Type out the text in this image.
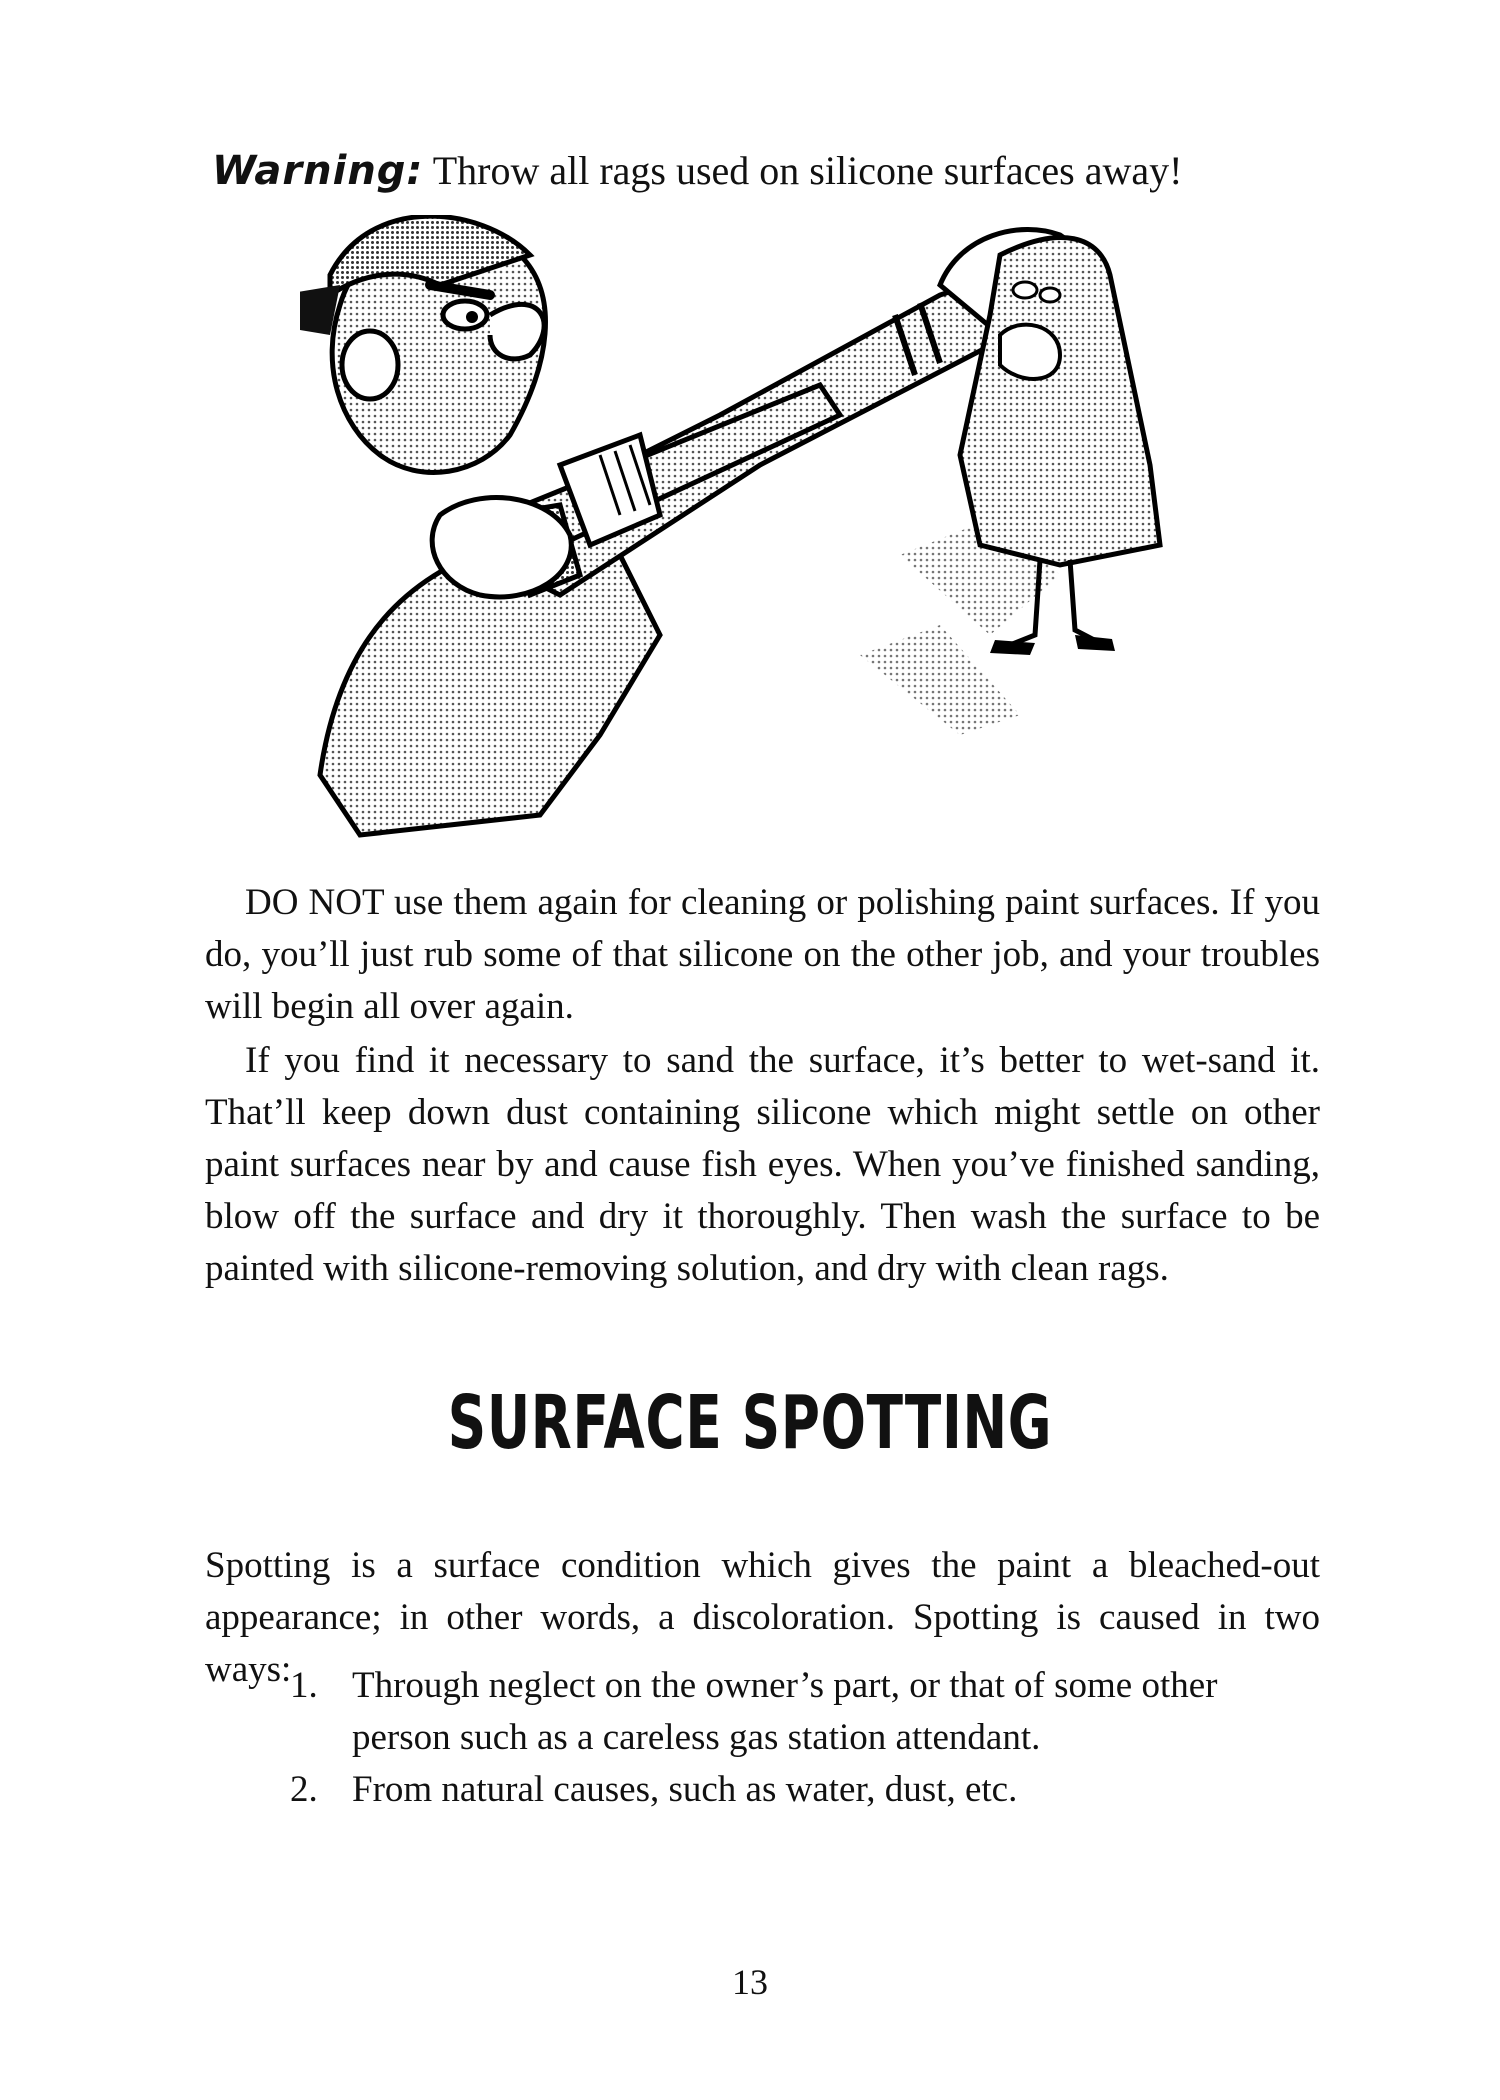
Warning: Throw all rags used on silicone surfaces away!

DO NOT use them again for cleaning or polishing paint surfaces. If you do, you’ll just rub some of that silicone on the other job, and your troubles will begin all over again.

If you find it necessary to sand the surface, it’s better to wet-sand it. That’ll keep down dust containing silicone which might settle on other paint surfaces near by and cause fish eyes. When you’ve finished sanding, blow off the surface and dry it thoroughly. Then wash the surface to be painted with silicone-removing solution, and dry with clean rags.

SURFACE SPOTTING

Spotting is a surface condition which gives the paint a bleached-out appearance; in other words, a discoloration. Spotting is caused in two ways:

1. Through neglect on the owner’s part, or that of some other person such as a careless gas station attendant.
2. From natural causes, such as water, dust, etc.
13
